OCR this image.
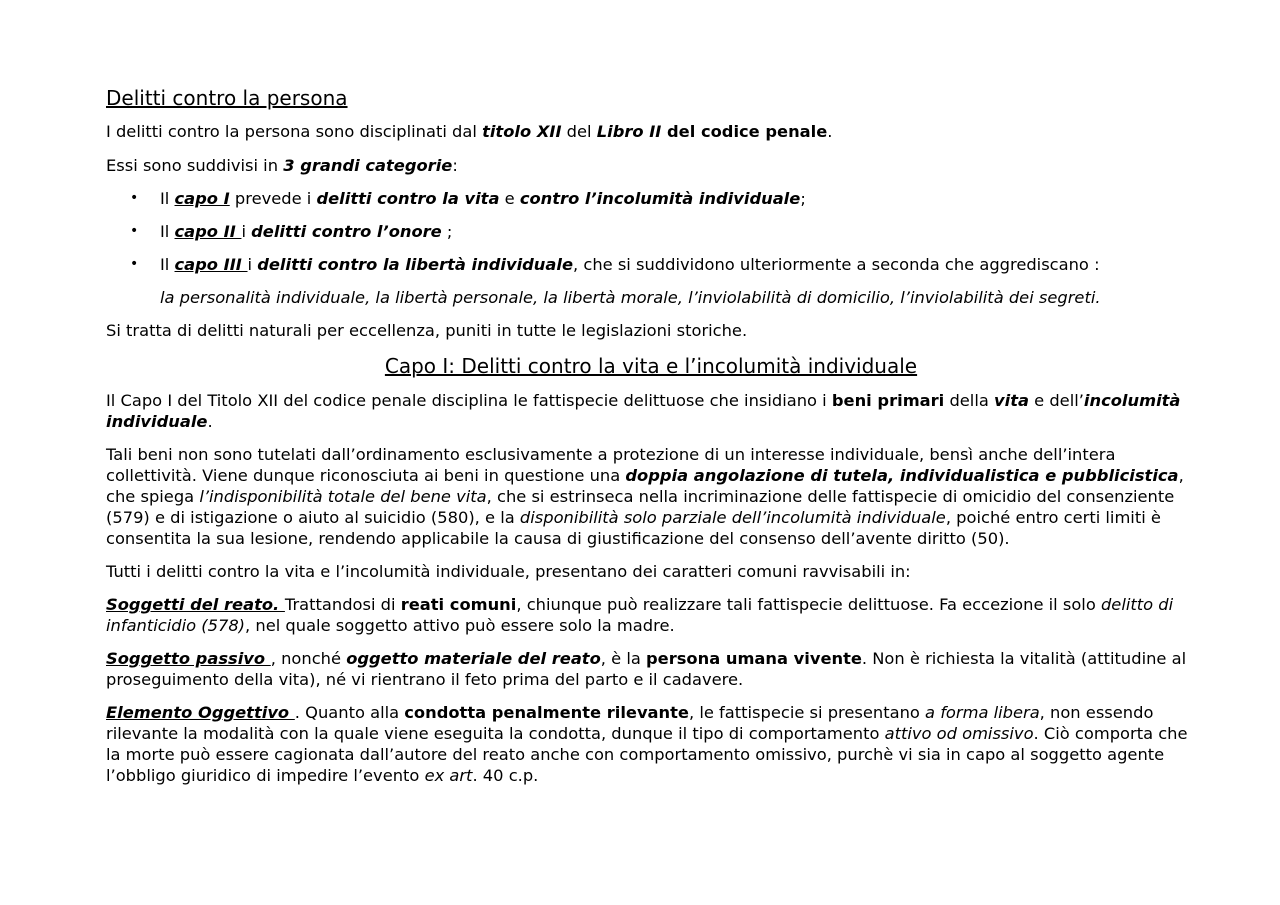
Delitti contro la persona

I delitti contro la persona sono disciplinati dal titolo XII del Libro II del codice penale.

Essi sono suddivisi in 3 grandi categorie:

• Il capo I prevede i delitti contro la vita e contro l’incolumità individuale;
• Il capo II i delitti contro l’onore ;
• Il capo III i delitti contro la libertà individuale, che si suddividono ulteriormente a seconda che aggrediscano :

la personalità individuale, la libertà personale, la libertà morale, l’inviolabilità di domicilio, l’inviolabilità dei segreti.

Si tratta di delitti naturali per eccellenza, puniti in tutte le legislazioni storiche.

Capo I: Delitti contro la vita e l’incolumità individuale

Il Capo I del Titolo XII del codice penale disciplina le fattispecie delittuose che insidiano i beni primari della vita e dell’incolumità individuale.

Tali beni non sono tutelati dall’ordinamento esclusivamente a protezione di un interesse individuale, bensì anche dell’intera collettività. Viene dunque riconosciuta ai beni in questione una doppia angolazione di tutela, individualistica e pubblicistica, che spiega l’indisponibilità totale del bene vita, che si estrinseca nella incriminazione delle fattispecie di omicidio del consenziente (579) e di istigazione o aiuto al suicidio (580), e la disponibilità solo parziale dell’incolumità individuale, poiché entro certi limiti è consentita la sua lesione, rendendo applicabile la causa di giustificazione del consenso dell’avente diritto (50).

Tutti i delitti contro la vita e l’incolumità individuale, presentano dei caratteri comuni ravvisabili in:

Soggetti del reato. Trattandosi di reati comuni, chiunque può realizzare tali fattispecie delittuose. Fa eccezione il solo delitto di infanticidio (578), nel quale soggetto attivo può essere solo la madre.

Soggetto passivo , nonché oggetto materiale del reato, è la persona umana vivente. Non è richiesta la vitalità (attitudine al proseguimento della vita), né vi rientrano il feto prima del parto e il cadavere.

Elemento Oggettivo . Quanto alla condotta penalmente rilevante, le fattispecie si presentano a forma libera, non essendo rilevante la modalità con la quale viene eseguita la condotta, dunque il tipo di comportamento attivo od omissivo. Ciò comporta che la morte può essere cagionata dall’autore del reato anche con comportamento omissivo, purchè vi sia in capo al soggetto agente l’obbligo giuridico di impedire l’evento ex art. 40 c.p.
